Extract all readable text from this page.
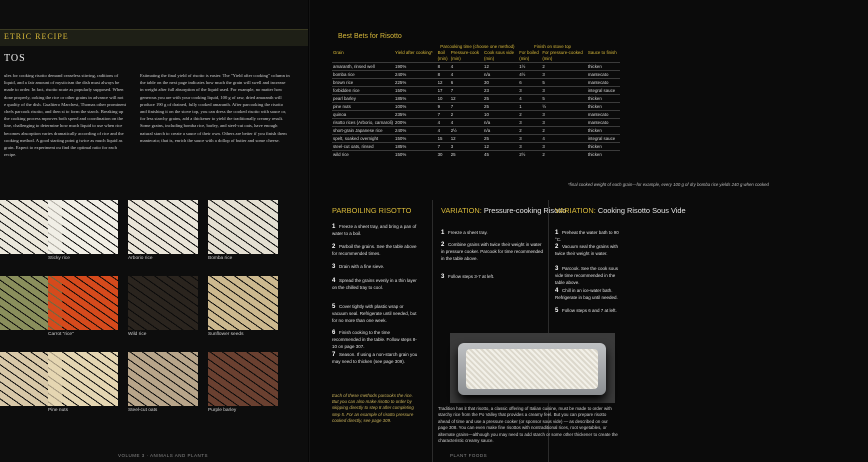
ETRIC RECIPE
TOS
ules for cooking risotto demand ceaseless stirring, raditions of liquid, and a fair amount of mysticism the dish must always be made to order. In fact, risotto ncate as popularly supposed. When done properly, ooking the rice or other grains in advance will not e quality of the dish. Gualtiero Marchesi, Thomas other prominent chefs parcook risotto, and then st to form the starch. Breaking up the cooking process mproves both speed and coordination on the line, challenging to determine how much liquid to use when rice becomes absorption varies dramatically according of rice and the cooking method. A good starting point g twice as much liquid as grain. Expect to experiment ou find the optimal ratio for each recipe.
Estimating the final yield of risotto is easier. The "Yield after cooking" column in the table on the next page indicates how much the grain will swell and increase in weight after full absorption of the liquid used. For example, no matter how generous you are with your cooking liquid, 100 g of raw, dried amaranth will produce 190 g of drained, fully cooked amaranth. After parcooking the risotto and finishing it on the stove top, you can dress the cooked risotto with sauce or, for less starchy grains, add a thickener to yield the traditionally creamy result. Some grains, including bomba rice, barley, and steel-cut oats, have enough natural starch to create a sauce of their own. Others are better if you finish them mantecato; that is, enrich the sauce with a dollop of butter and some cheese.
Sticky rice	Arborio rice	Bomba rice
Carrot "rice"	Wild rice	Sunflower seeds
Pine nuts	Steel-cut oats	Purple barley
VOLUME 3 · ANIMALS AND PLANTS
Best Bets for Risotto
		Parcooking time (choose one method)			Finish on stove top		
Grain	Yield after cooking*	Boil	Pressure-cook	Cook sous vide	For boiled	For pressure-cooked	Sauce to finish
		(min)	(min)	(min)	(min)	(min)	
amaranth, rinsed well	190%	8	4	12	1½	2	thicken
bomba rice	240%	8	4	n/a	4½	3	mantecato
brown rice	225%	12	6	30	6	5	mantecato
forbidden rice	150%	17	7	23	3	3	integral sauce
pearl barley	185%	10	12	25	4	5	thicken
pine nuts	100%	9	7	25	1	½	thicken
quinoa	235%	7	2	10	2	3	mantecato
risotto rices (Arborio, carnaroli)	200%	4	4	n/a	3	3	mantecato
short-grain Japanese rice	240%	4	2½	n/a	2	2	thicken
spelt, soaked overnight	150%	15	12	25	3	4	integral sauce
steel-cut oats, rinsed	185%	7	3	12	3	3	thicken
wild rice	150%	30	25	45	2½	2	thicken
*final cooked weight of each grain—for example, every 100 g of dry bomba rice yields 240 g when cooked
PARBOILING RISOTTO
1 Freeze a sheet tray, and bring a pan of water to a boil.
2 Parboil the grains. See the table above for recommended times.
3 Drain with a fine sieve.
4 Spread the grains evenly in a thin layer on the chilled tray to cool.
5 Cover tightly with plastic wrap or vacuum seal. Refrigerate until needed, but for no more than one week.
6 Finish cooking to the time recommended in the table. Follow steps 8-10 on page 307.
7 Season. If using a non-starch grain you may need to thicken (see page 309).
VARIATION: Pressure-cooking Risotto
1 Freeze a sheet tray.
2 Combine grains with twice their weight in water in pressure cooker. Parcook for time recommended in the table above.
3 Follow steps 3-7 at left.
VARIATION: Cooking Risotto Sous Vide
1 Preheat the water bath to 90 °C.
2 Vacuum seal the grains with twice their weight in water.
3 Parcook. See the cook sous vide time recommended in the table above.
4 Chill in an ice-water bath. Refrigerate in bag until needed.
5 Follow steps 6 and 7 at left.
Each of these methods parcooks the rice. But you can also make risotto to order by skipping directly to step 8 after completing step 5. For an example of risotto pressure cooked directly, see page 309.
Tradition has it that risotto, a classic offering of Italian cuisine, must be made to order with starchy rice from the Po Valley that provides a creamy feel. But you can prepare risotto ahead of time and use a pressure cooker (or sponsor sous vide) — as described on our page 308. You can even make fine risottos with nontraditional rices, root vegetables, or alternate grains—although you may need to add starch or some other thickener to create the characteristic creamy sauce.
PLANT FOODS
